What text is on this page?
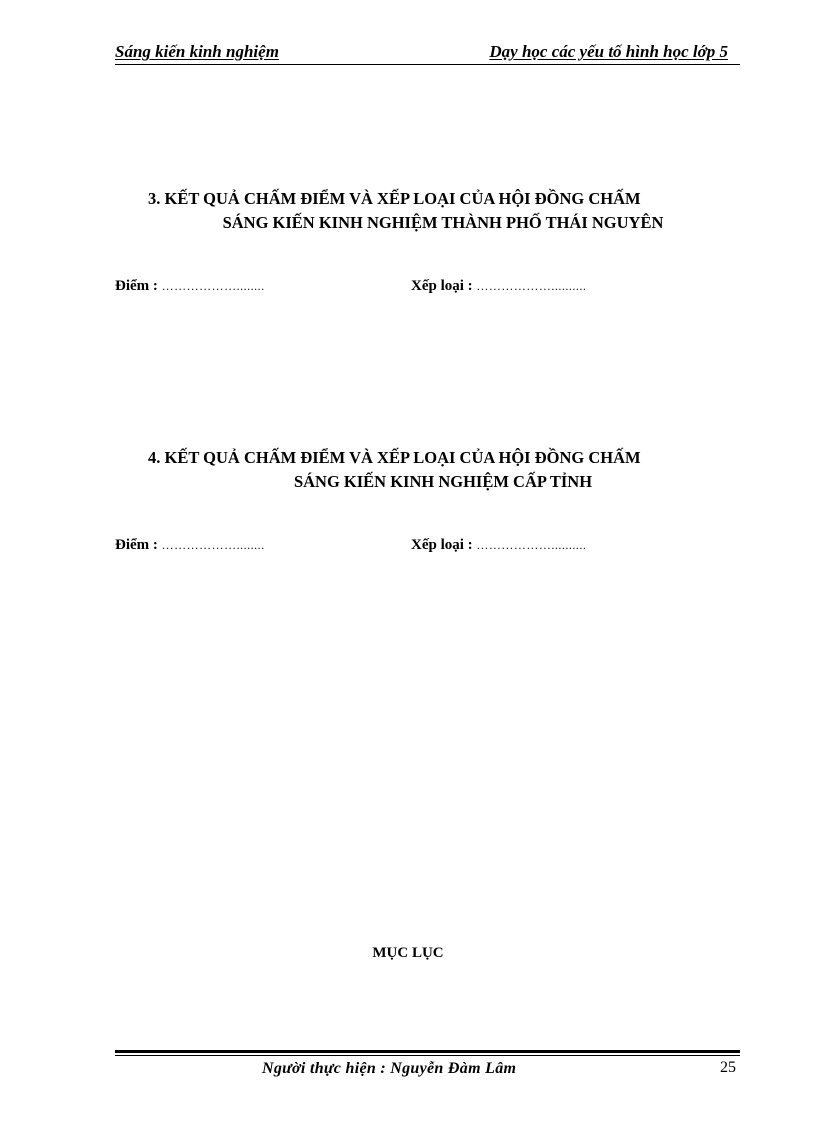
Sáng kiến kinh nghiệm	Dạy học các yếu tố hình học lớp 5
3. KẾT QUẢ CHẤM ĐIỂM VÀ XẾP LOẠI CỦA HỘI ĐỒNG CHẤM
SÁNG KIẾN KINH NGHIỆM THÀNH PHỐ THÁI NGUYÊN
Điểm : ………………........	Xếp loại : ………………..........
4. KẾT QUẢ CHẤM ĐIỂM VÀ XẾP LOẠI CỦA HỘI ĐỒNG CHẤM
SÁNG KIẾN KINH NGHIỆM CẤP TỈNH
Điểm : ………………........	Xếp loại : ………………..........
MỤC LỤC
Người thực hiện : Nguyễn Đàm Lâm	25
